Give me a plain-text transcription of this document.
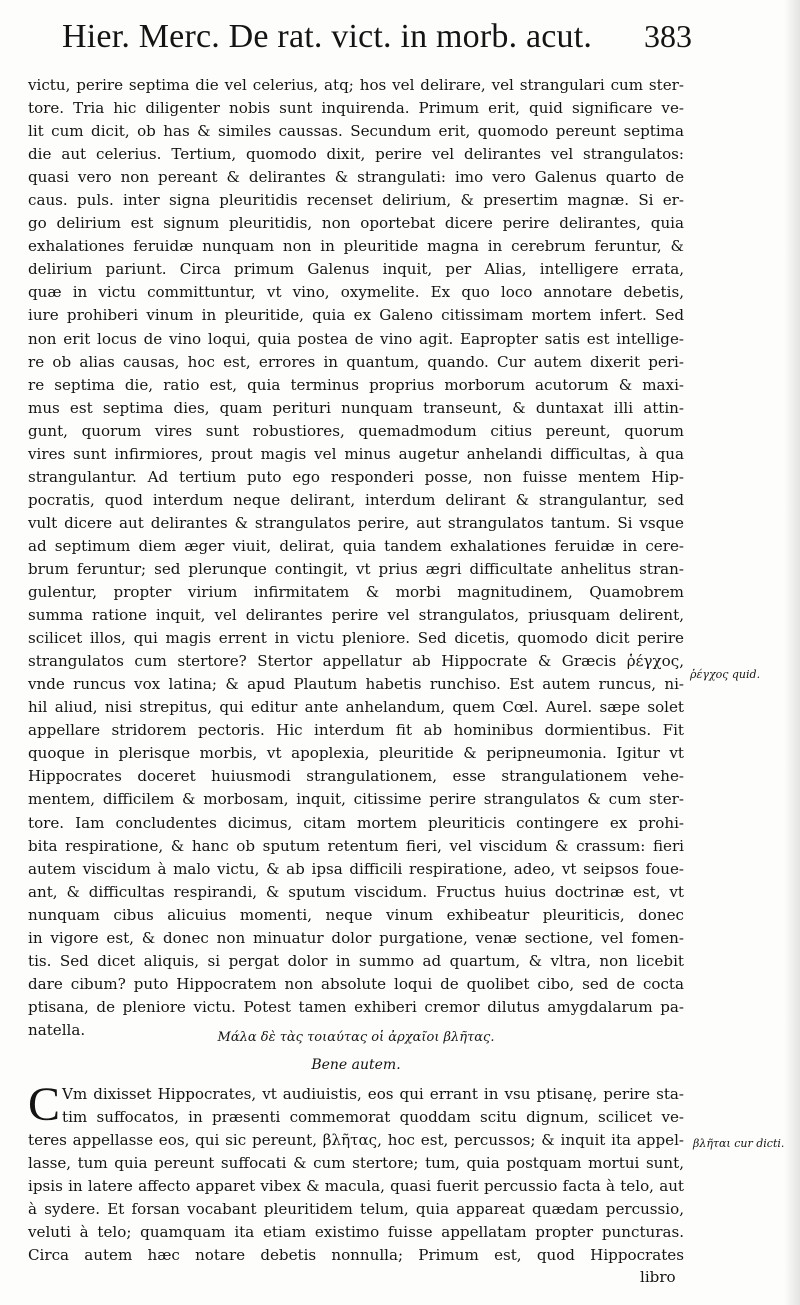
Hier. Merc. De rat. vict. in morb. acut. 383
victu, perire septima die vel celerius, atq; hos vel delirare, vel strangulari cum ster-
tore. Tria hic diligenter nobis sunt inquirenda. Primum erit, quid significare ve-
lit cum dicit, ob has & similes caussas. Secundum erit, quomodo pereunt septima
die aut celerius. Tertium, quomodo dixit, perire vel delirantes vel strangulatos:
quasi vero non pereant & delirantes & strangulati: imo vero Galenus quarto de
caus. puls. inter signa pleuritidis recenset delirium, & presertim magnæ. Si er-
go delirium est signum pleuritidis, non oportebat dicere perire delirantes, quia
exhalationes feruidæ nunquam non in pleuritide magna in cerebrum feruntur, &
delirium pariunt. Circa primum Galenus inquit, per Alias, intelligere errata,
quæ in victu committuntur, vt vino, oxymelite. Ex quo loco annotare debetis,
iure prohiberi vinum in pleuritide, quia ex Galeno citissimam mortem infert. Sed
non erit locus de vino loqui, quia postea de vino agit. Eapropter satis est intellige-
re ob alias causas, hoc est, errores in quantum, quando. Cur autem dixerit peri-
re septima die, ratio est, quia terminus proprius morborum acutorum & maxi-
mus est septima dies, quam perituri nunquam transeunt, & duntaxat illi attin-
gunt, quorum vires sunt robustiores, quemadmodum citius pereunt, quorum
vires sunt infirmiores, prout magis vel minus augetur anhelandi difficultas, à qua
strangulantur. Ad tertium puto ego responderi posse, non fuisse mentem Hip-
pocratis, quod interdum neque delirant, interdum delirant & strangulantur, sed
vult dicere aut delirantes & strangulatos perire, aut strangulatos tantum. Si vsque
ad septimum diem æger viuit, delirat, quia tandem exhalationes feruidæ in cere-
brum feruntur; sed plerunque contingit, vt prius ægri difficultate anhelitus stran-
gulentur, propter virium infirmitatem & morbi magnitudinem, Quamobrem
summa ratione inquit, vel delirantes perire vel strangulatos, priusquam delirent,
scilicet illos, qui magis errent in victu pleniore. Sed dicetis, quomodo dicit perire
strangulatos cum stertore? Stertor appellatur ab Hippocrate & Græcis ῥέγχος,
vnde runcus vox latina; & apud Plautum habetis runchiso. Est autem runcus, ni-
hil aliud, nisi strepitus, qui editur ante anhelandum, quem Cœl. Aurel. sæpe solet
appellare stridorem pectoris. Hic interdum fit ab hominibus dormientibus. Fit
quoque in plerisque morbis, vt apoplexia, pleuritide & peripneumonia. Igitur vt
Hippocrates doceret huiusmodi strangulationem, esse strangulationem vehe-
mentem, difficilem & morbosam, inquit, citissime perire strangulatos & cum ster-
tore. Iam concludentes dicimus, citam mortem pleuriticis contingere ex prohi-
bita respiratione, & hanc ob sputum retentum fieri, vel viscidum & crassum: fieri
autem viscidum à malo victu, & ab ipsa difficili respiratione, adeo, vt seipsos foue-
ant, & difficultas respirandi, & sputum viscidum. Fructus huius doctrinæ est, vt
nunquam cibus alicuius momenti, neque vinum exhibeatur pleuriticis, donec
in vigore est, & donec non minuatur dolor purgatione, venæ sectione, vel fomen-
tis. Sed dicet aliquis, si pergat dolor in summo ad quartum, & vltra, non licebit
dare cibum? puto Hippocratem non absolute loqui de quolibet cibo, sed de cocta
ptisana, de pleniore victu. Potest tamen exhiberi cremor dilutus amygdalarum pa-
natella.	Μάλα δὲ τὰς τοιαύτας οἱ ἀρχαῖοι βλῆτας.
Bene autem.
C Vm dixisset Hippocrates, vt audiuistis, eos qui errant in vsu ptisanę, perire sta-
tim suffocatos, in præsenti commemorat quoddam scitu dignum, scilicet ve-
teres appellasse eos, qui sic pereunt, βλῆτας, hoc est, percussos; & inquit ita appel-
lasse, tum quia pereunt suffocati & cum stertore; tum, quia postquam mortui sunt,
ipsis in latere affecto apparet vibex & macula, quasi fuerit percussio facta à telo, aut
à sydere. Et forsan vocabant pleuritidem telum, quia appareat quædam percussio,
veluti à telo; quamquam ita etiam existimo fuisse appellatam propter puncturas.
Circa autem hæc notare debetis nonnulla; Primum est, quod Hippocrates
ῥέγχος quid.
βλῆται cur dicti.
libro
